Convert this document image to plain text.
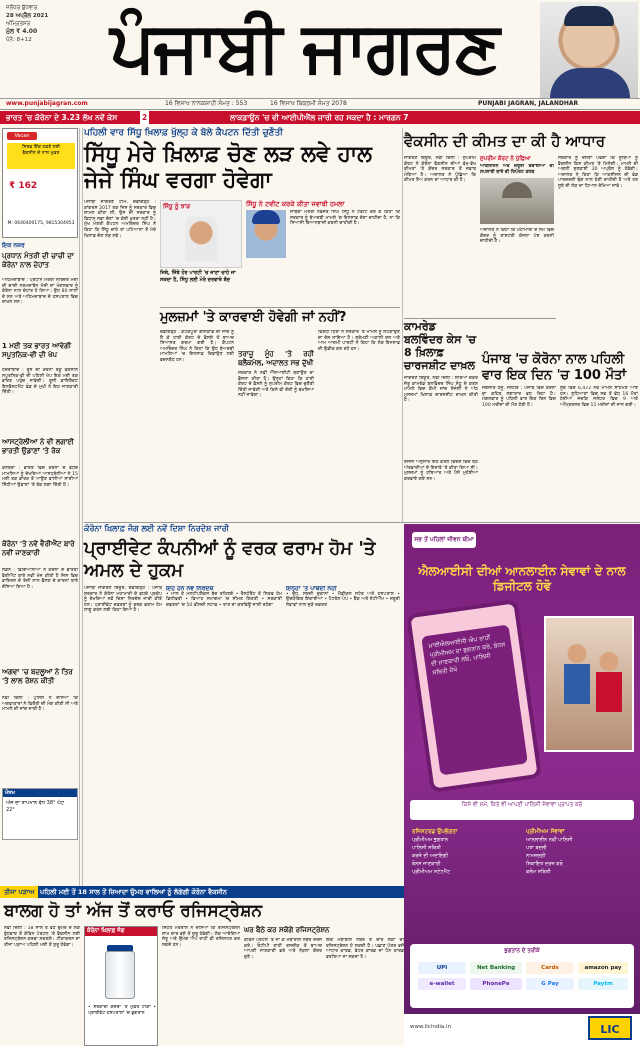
ਜਲੰਧਰ ਬੁੱਧਵਾਰ
28 ਅਪ੍ਰੈਲ 2021
ਅੰਮ੍ਰਿਤਸਰ
ਮੁੱਲ ₹ 4.00
ਪੰਨੇ: 8+12	ਪੰਜਾਬੀ ਜਾਗਰਣ
www.punjabijagran.com	16 ਵਿਸਾਖ ਨਾਨਕਸ਼ਾਹੀ ਸੰਮਤ : 553	16 ਵਿਸਾਖ ਬਿਕ੍ਰਮੀ ਸੰਮਤ 2078	PUNJABI JAGRAN, JALANDHAR
ਭਾਰਤ 'ਚ ਕੋਰੋਨਾ ਦੇ 3.23 ਲੱਖ ਨਵੇਂ ਕੇਸ	2	ਲਾਕਡਾਊਨ 'ਚ ਵੀ ਆਈਪੀਐੱਲ ਜਾਰੀ ਰਹ ਸਕਦਾ ਹੈ : ਮਾਰਗਨ 7
Vecan
ਸਿਰਫ਼ ਇੱਕ ਹਫ਼ਤੇ ਲਈ
ਵੈਕਸੀਨ ਦੇ ਨਾਲ ਮੁਫ਼ਤ
₹ 162
M: 0640400175, 9815304953
ਇਕ ਨਜ਼ਰ
ਪ੍ਰਧਾਨ ਮੰਤਰੀ ਦੀ ਚਾਚੀ ਦਾ ਕੋਰੋਨਾ ਨਾਲ ਦੇਹਾਂਤ
ਅਹਿਮਦਾਬਾਦ : ਪ੍ਰਧਾਨ ਮੰਤਰੀ ਨਰਿੰਦਰ ਮੋਦੀ ਦੀ ਚਾਚੀ ਨਰਮਦਾਬੇਨ ਮੋਦੀ ਦਾ ਮੰਗਲਵਾਰ ਨੂੰ ਕੋਰੋਨਾ ਨਾਲ ਦੇਹਾਂਤ ਹੋ ਗਿਆ। ਉਹ 80 ਸਾਲਾਂ ਦੇ ਸਨ ਅਤੇ ਅਹਿਮਦਾਬਾਦ ਦੇ ਹਸਪਤਾਲ ਵਿਚ ਦਾਖ਼ਲ ਸਨ।
1 ਮਈ ਤਕ ਭਾਰਤ ਆਵੇਗੀ ਸਪੂਤਨਿਕ-ਵੀ ਦੀ ਖੇਪ
ਹੈਦਰਾਬਾਦ : ਰੂਸ ਦੀ ਕੋਰੋਨਾ ਰੋਕੂ ਵੈਕਸੀਨ ਸਪੂਤਨਿਕ-ਵੀ ਦੀ ਪਹਿਲੀ ਖੇਪ ਇਕ ਮਈ ਤਕ ਭਾਰਤ ਪਹੁੰਚ ਜਾਵੇਗੀ। ਰੂਸੀ ਡਾਇਰੈਕਟ ਇਨਵੈਸਟਮੈਂਟ ਫੰਡ ਦੇ ਮੁਖੀ ਨੇ ਇਹ ਜਾਣਕਾਰੀ ਦਿੱਤੀ।
ਆਸਟ੍ਰੇਲੀਆ ਨੇ ਵੀ ਲਗਾਈ ਭਾਰਤੀ ਉਡਾਣਾਂ 'ਤੇ ਰੋਕ
ਕੈਨਬਰਾ : ਭਾਰਤ ਵਿਚ ਕੋਰੋਨਾ ਦੇ ਵਧਦੇ ਮਾਮਲਿਆਂ ਨੂੰ ਦੇਖਦਿਆਂ ਆਸਟ੍ਰੇਲੀਆ ਨੇ 15 ਮਈ ਤਕ ਭਾਰਤ ਤੋਂ ਆਉਣ ਵਾਲੀਆਂ ਸਾਰੀਆਂ ਸਿੱਧੀਆਂ ਉਡਾਣਾਂ 'ਤੇ ਰੋਕ ਲਗਾ ਦਿੱਤੀ ਹੈ।
ਕੋਰੋਨਾ 'ਤੇ ਨਵੇਂ ਵੈਰੀਐਂਟ ਬਾਰੇ ਨਵੀਂ ਜਾਣਕਾਰੀ
ਲੰਡਨ : ਵਿਗਿਆਨੀਆਂ ਨੇ ਕੋਰੋਨਾ ਦੇ ਭਾਰਤੀ ਵੈਰੀਐਂਟ ਬਾਰੇ ਨਵੀਂ ਖੋਜ ਕੀਤੀ ਹੈ ਜਿਸ ਵਿਚ ਵਾਇਰਸ ਦੇ ਤੇਜ਼ੀ ਨਾਲ ਫੈਲਣ ਦੇ ਕਾਰਨਾਂ ਬਾਰੇ ਦੱਸਿਆ ਗਿਆ ਹੈ।
ਅਗਵਾ 'ਚ ਬਦਲੂਆਂ ਨੇ ਤਿਰ 'ਤੇ ਲਾਲ ਰੋਸ਼ਨ ਕੀਤੀ
ਨਵੀਂ ਦਿੱਲੀ : ਪੁਲਿਸ ਨੇ ਦੱਸਿਆ ਕਿ ਅਗਵਾਕਾਰਾਂ ਨੇ ਫਿਰੌਤੀ ਦੀ ਮੰਗ ਕੀਤੀ ਸੀ ਅਤੇ ਮਾਮਲੇ ਦੀ ਜਾਂਚ ਜਾਰੀ ਹੈ।
ਮੌਸਮ
ਅੱਜ ਦਾ ਤਾਪਮਾਨ ਵੱਧ 38° ਘੱਟ 22°
ਪਹਿਲੀ ਵਾਰ ਸਿੱਧੂ ਖ਼ਿਲਾਫ਼ ਖੁੱਲ੍ਹ ਕੇ ਬੋਲੇ ਕੈਪਟਨ ਦਿੱਤੀ ਚੁਣੌਤੀ
ਸਿੱਧੂ ਮੇਰੇ ਖ਼ਿਲਾਫ਼ ਚੋਣ ਲੜ ਲਵੇ ਹਾਲ ਜੇਜੇ ਸਿੰਘ ਵਰਗਾ ਹੋਵੇਗਾ
ਪੰਜਾਬੀ ਜਾਗਰਣ ਟੀਮ, ਚੰਡੀਗੜ੍ਹ : ਕਾਂਗਰਸ 2017 ਤਕ ਜਿਸ ਨੂੰ ਸਰਕਾਰ ਵਿਚ ਸ਼ਾਮਲ ਕੀਤਾ ਸੀ, ਉਸ ਦੀ ਸਰਕਾਰ ਨੂੰ ਵਿਧਾਨ ਸਭਾ ਚੋਣਾਂ 'ਚ ਕੋਈ ਖ਼ਤਰਾ ਨਹੀਂ ਹੈ। ਮੁੱਖ ਮੰਤਰੀ ਕੈਪਟਨ ਅਮਰਿੰਦਰ ਸਿੰਘ ਨੇ ਕਿਹਾ ਕਿ ਸਿੱਧੂ ਚਾਹੇ ਤਾਂ ਪਟਿਆਲਾ ਤੋਂ ਮੇਰੇ ਖ਼ਿਲਾਫ਼ ਚੋਣ ਲੜ ਲਵੇ।
ਸਿੱਧੂ ਨੂੰ ਝਾੜ
ਜਿਥੇ, ਜਿੱਥੇ ਹੋਰ ਪਾਰਟੀ 'ਚ ਜਾਣਾ ਚਾਹੇ ਜਾ ਸਕਦਾ ਹੈ, ਸਿੱਧੂ ਲਈ ਮੇਰੇ ਦਰਵਾਜ਼ੇ ਬੰਦ
ਸਿੱਧੂ ਨੇ ਟਵੀਟ ਕਰਕੇ ਕੀਤਾ ਜਵਾਬੀ ਹਮਲਾ
ਸਾਬਕਾ ਮੰਤਰੀ ਨਵਜੋਤ ਸਿੰਘ ਸਿੱਧੂ ਨੇ ਟਵੀਟ ਕਰ ਕੇ ਕਿਹਾ ਕਿ ਸਰਕਾਰ ਨੂੰ ਬੇਅਦਬੀ ਮਾਮਲੇ 'ਚ ਇਨਸਾਫ਼ ਦੇਣਾ ਚਾਹੀਦਾ ਹੈ, ਨਾ ਕਿ ਸਿਆਸੀ ਬਿਆਨਬਾਜ਼ੀ ਕਰਨੀ ਚਾਹੀਦੀ ਹੈ।
ਮੁਲਜ਼ਮਾਂ 'ਤੇ ਕਾਰਵਾਈ ਹੋਵੇਗੀ ਜਾਂ ਨਹੀਂ?
ਚੰਡੀਗੜ੍ਹ : ਕੋਟਕਪੂਰਾ ਗੋਲੀਕਾਂਡ ਦੀ ਜਾਂਚ ਨੂੰ ਲੈ ਕੇ ਹਾਈ ਕੋਰਟ ਦੇ ਫ਼ੈਸਲੇ ਤੋਂ ਬਾਅਦ ਸਿਆਸਤ ਗਰਮਾ ਗਈ ਹੈ। ਕੈਪਟਨ ਅਮਰਿੰਦਰ ਸਿੰਘ ਨੇ ਕਿਹਾ ਕਿ ਉਹ ਬੇਅਦਬੀ ਮਾਮਲਿਆਂ 'ਚ ਇਨਸਾਫ਼ ਦਿਵਾਉਣ ਲਈ ਵਚਨਬੱਧ ਹਨ।
ਤਰਾਜ਼ੂ ਮੂੰਹ 'ਤੇ ਰਹੀ ਬਲੈਕਮੇਲ, ਅਦਾਲਤ ਸਭ ਦੁੱਖੀ
ਸਰਕਾਰ ਨੇ ਨਵੀਂ ਐੱਸਆਈਟੀ ਬਣਾਉਣ ਦਾ ਫ਼ੈਸਲਾ ਕੀਤਾ ਹੈ। ਉਨ੍ਹਾਂ ਕਿਹਾ ਕਿ ਹਾਈ ਕੋਰਟ ਦੇ ਫ਼ੈਸਲੇ ਨੂੰ ਸੁਪਰੀਮ ਕੋਰਟ ਵਿਚ ਚੁਣੌਤੀ ਦਿੱਤੀ ਜਾਵੇਗੀ ਅਤੇ ਕਿਸੇ ਵੀ ਦੋਸ਼ੀ ਨੂੰ ਬਖ਼ਸ਼ਿਆ ਨਹੀਂ ਜਾਵੇਗਾ।
ਵਿਰੋਧੀ ਧਿਰਾਂ ਨੇ ਸਰਕਾਰ 'ਤੇ ਮਾਮਲੇ ਨੂੰ ਲਟਕਾਉਣ ਦਾ ਦੋਸ਼ ਲਾਇਆ ਹੈ। ਸ਼੍ਰੋਮਣੀ ਅਕਾਲੀ ਦਲ ਅਤੇ ਆਮ ਆਦਮੀ ਪਾਰਟੀ ਨੇ ਕਿਹਾ ਕਿ ਲੋਕ ਇਨਸਾਫ਼ ਦੀ ਉਡੀਕ ਕਰ ਰਹੇ ਹਨ।
ਵੈਕਸੀਨ ਦੀ ਕੀਮਤ ਦਾ ਕੀ ਹੈ ਆਧਾਰ
ਜਾਗਰਣ ਬਿਊਰੋ, ਨਵੀਂ ਦਿੱਲੀ : ਸੁਪਰੀਮ ਕੋਰਟ ਨੇ ਕੋਰੋਨਾ ਵੈਕਸੀਨ ਦੀਆਂ ਵੱਖ-ਵੱਖ ਕੀਮਤਾਂ 'ਤੇ ਕੇਂਦਰ ਸਰਕਾਰ ਤੋਂ ਜਵਾਬ ਮੰਗਿਆ ਹੈ। ਅਦਾਲਤ ਨੇ ਪੁੱਛਿਆ ਕਿ ਕੀਮਤ ਤੈਅ ਕਰਨ ਦਾ ਆਧਾਰ ਕੀ ਹੈ।
ਸੁਪਰੀਮ ਕੋਰਟ ਨੇ ਪੁੱਛਿਆ
ਆਕਸੀਜਨ ਅਤੇ ਜ਼ਰੂਰੀ ਦਵਾਈਆਂ ਦੀ ਸਪਲਾਈ ਬਾਰੇ ਵੀ ਰਿਪੋਰਟ ਤਲਬ
ਅਦਾਲਤ ਨੇ ਕਿਹਾ ਕਿ ਮਹਾਮਾਰੀ ਦੇ ਸਮੇਂ ਵਿਚ ਕੇਂਦਰ ਨੂੰ ਰਾਸ਼ਟਰੀ ਯੋਜਨਾ ਪੇਸ਼ ਕਰਨੀ ਚਾਹੀਦੀ ਹੈ।
ਸਰਕਾਰ ਨੂੰ ਦੱਸਣਾ ਪਵੇਗਾ ਕਿ ਸੂਬਿਆਂ ਨੂੰ ਵੈਕਸੀਨ ਕਿਸ ਕੀਮਤ 'ਤੇ ਮਿਲੇਗੀ। ਮਾਮਲੇ ਦੀ ਅਗਲੀ ਸੁਣਵਾਈ 30 ਅਪ੍ਰੈਲ ਨੂੰ ਹੋਵੇਗੀ। ਅਦਾਲਤ ਨੇ ਕਿਹਾ ਕਿ ਆਕਸੀਜਨ ਦੀ ਵੰਡ ਪਾਰਦਰਸ਼ੀ ਢੰਗ ਨਾਲ ਹੋਣੀ ਚਾਹੀਦੀ ਹੈ ਅਤੇ ਹਰ ਸੂਬੇ ਦੀ ਲੋੜ ਦਾ ਧਿਆਨ ਰੱਖਿਆ ਜਾਵੇ।
ਕਾਮਰੇਡ ਬਲਵਿੰਦਰ ਕੇਸ 'ਚ 8 ਖ਼ਿਲਾਫ਼ ਚਾਰਜਸ਼ੀਟ ਦਾਖ਼ਲ
ਜਾਗਰਣ ਬਿਊਰੋ, ਨਵੀਂ ਦਿੱਲੀ : ਸ਼ੌਰਿਆ ਚੱਕਰ ਜੇਤੂ ਕਾਮਰੇਡ ਬਲਵਿੰਦਰ ਸਿੰਘ ਸੰਧੂ ਦੇ ਕਤਲ ਮਾਮਲੇ ਵਿਚ ਕੌਮੀ ਜਾਂਚ ਏਜੰਸੀ ਨੇ ਅੱਠ ਮੁਲਜ਼ਮਾਂ ਖ਼ਿਲਾਫ਼ ਚਾਰਜਸ਼ੀਟ ਦਾਖ਼ਲ ਕੀਤੀ ਹੈ।
ਪੰਜਾਬ 'ਚ ਕੋਰੋਨਾ ਨਾਲ ਪਹਿਲੀ ਵਾਰ ਇਕ ਦਿਨ 'ਚ 100 ਮੌਤਾਂ
ਜਗਜੀਤ ਧੰਜੂ, ਜਲੰਧਰ : ਪੰਜਾਬ ਵਿਚ ਕੋਰੋਨਾ ਦਾ ਕਹਿਰ ਲਗਾਤਾਰ ਵਧ ਰਿਹਾ ਹੈ। ਮੰਗਲਵਾਰ ਨੂੰ ਪਹਿਲੀ ਵਾਰ ਇਕ ਦਿਨ ਵਿਚ 100 ਮਰੀਜ਼ਾਂ ਦੀ ਮੌਤ ਹੋਈ ਹੈ।
ਸੂਬੇ ਵਿਚ 6,472 ਨਵੇਂ ਮਾਮਲੇ ਸਾਹਮਣੇ ਆਏ ਹਨ। ਲੁਧਿਆਣਾ ਵਿਚ ਸਭ ਤੋਂ ਵੱਧ 16 ਮੌਤਾਂ ਹੋਈਆਂ ਜਦਕਿ ਜਲੰਧਰ ਵਿਚ 9 ਅਤੇ ਅੰਮ੍ਰਿਤਸਰ ਵਿਚ 11 ਮਰੀਜ਼ਾਂ ਦੀ ਜਾਨ ਗਈ।
ਏਜੰਸੀ ਅਨੁਸਾਰ ਇਹ ਕਤਲ ਵਿਦੇਸ਼ ਵਿਚ ਬੈਠੇ ਅੱਤਵਾਦੀਆਂ ਦੇ ਇਸ਼ਾਰੇ 'ਤੇ ਕੀਤਾ ਗਿਆ ਸੀ। ਮੁਲਜ਼ਮਾਂ ਨੂੰ ਹਥਿਆਰ ਅਤੇ ਪੈਸੇ ਮੁਹੱਈਆ ਕਰਵਾਏ ਗਏ ਸਨ।
ਕੋਰੋਨਾ ਖ਼ਿਲਾਫ਼ ਜੰਗ ਲਈ ਨਵੇਂ ਦਿਸ਼ਾ ਨਿਰਦੇਸ਼ ਜਾਰੀ
ਪ੍ਰਾਈਵੇਟ ਕੰਪਨੀਆਂ ਨੂੰ ਵਰਕ ਫਰਾਮ ਹੋਮ 'ਤੇ ਅਮਲ ਦੇ ਹੁਕਮ
ਪੰਜਾਬੀ ਜਾਗਰਣ ਬਿਊਰੋ, ਚੰਡੀਗੜ੍ਹ : ਪੰਜਾਬ ਸਰਕਾਰ ਨੇ ਕੋਰੋਨਾ ਮਹਾਮਾਰੀ ਦੇ ਵਧਦੇ ਪ੍ਰਕੋਪ ਨੂੰ ਦੇਖਦਿਆਂ ਨਵੇਂ ਦਿਸ਼ਾ ਨਿਰਦੇਸ਼ ਜਾਰੀ ਕੀਤੇ ਹਨ। ਪ੍ਰਾਈਵੇਟ ਦਫ਼ਤਰਾਂ ਨੂੰ ਵਰਕ ਫਰਾਮ ਹੋਮ ਲਾਗੂ ਕਰਨ ਲਈ ਕਿਹਾ ਗਿਆ ਹੈ।
ਇਹ ਹਨ ਨਵੇਂ ਨਿਰਦੇਸ਼
• ਮਾਲ ਤੇ ਮਲਟੀਪਲੈਕਸ ਬੰਦ ਰਹਿਣਗੇ • ਰੈਸਟੋਰੈਂਟ ਤੋਂ ਸਿਰਫ਼ ਹੋਮ ਡਿਲੀਵਰੀ • ਵਿਆਹ ਸਮਾਗਮਾਂ 'ਚ ਸੀਮਤ ਗਿਣਤੀ • ਸਰਕਾਰੀ ਦਫ਼ਤਰਾਂ 'ਚ 50 ਫ਼ੀਸਦੀ ਸਟਾਫ਼ • ਰਾਤ ਦਾ ਕਰਫਿਊ ਜਾਰੀ ਰਹੇਗਾ
ਇਨ੍ਹਾਂ 'ਤੇ ਪਾਬੰਦੀ ਨਹੀਂ
• ਦੁੱਧ, ਸਬਜ਼ੀ ਦੁਕਾਨਾਂ • ਮੈਡੀਕਲ ਸਟੋਰ ਅਤੇ ਹਸਪਤਾਲ • ਉਦਯੋਗਿਕ ਇਕਾਈਆਂ • ਪੈਟਰੋਲ ਪੰਪ • ਬੈਂਕ ਅਤੇ ਏਟੀਐੱਮ • ਜ਼ਰੂਰੀ ਸੇਵਾਵਾਂ ਨਾਲ ਜੁੜੇ ਦਫ਼ਤਰ
ਸਭ ਤੋਂ ਪਹਿਲਾਂ ਜੀਵਨ ਬੀਮਾ
ਐਲਆਈਸੀ ਦੀਆਂ ਆਨਲਾਈਨ ਸੇਵਾਵਾਂ ਦੇ ਨਾਲ ਡਿਜੀਟਲ ਹੋਵੋ
ਮਾਈਐਲਆਈਸੀ ਐਪ ਰਾਹੀਂ ਪ੍ਰੀਮੀਅਮ ਦਾ ਭੁਗਤਾਨ ਕਰੋ, ਬੋਨਸ ਦੀ ਜਾਣਕਾਰੀ ਲਓ, ਪਾਲਿਸੀ ਸਥਿਤੀ ਦੇਖੋ
ਕਿਸੇ ਵੀ ਸਮੇਂ, ਕਿਤੇ ਵੀ ਆਪਣੀ ਪਾਲਿਸੀ ਸੇਵਾਵਾਂ ਪ੍ਰਾਪਤ ਕਰੋ
ਰਜਿਸਟਰਡ ਉਪਭੋਗਤਾ
ਪ੍ਰੀਮੀਅਮ ਭੁਗਤਾਨ
ਪਾਲਿਸੀ ਸਥਿਤੀ
ਕਰਜ਼ੇ ਦੀ ਅਦਾਇਗੀ
ਬੋਨਸ ਜਾਣਕਾਰੀ
ਪ੍ਰੀਮੀਅਮ ਸਟੇਟਮੈਂਟ
ਪ੍ਰੀਮੀਅਮ ਸੇਵਾਵਾਂ
ਆਨਲਾਈਨ ਨਵੀਂ ਪਾਲਿਸੀ
ਪਤਾ ਬਦਲੀ
ਨਾਮਜ਼ਦਗੀ
ਸ਼ਿਕਾਇਤ ਦਰਜ ਕਰੋ
ਕਲੇਮ ਸਥਿਤੀ
ਭੁਗਤਾਨ ਦੇ ਤਰੀਕੇ
UPI	Net Banking	Cards	amazon pay
e-wallet	PhonePe	G Pay	Paytm
www.licindia.in	LIC
ਤੀਜਾ ਪੜਾਅ ਪਹਿਲੀ ਮਈ ਤੋਂ 18 ਸਾਲ ਤੋਂ ਜ਼ਿਆਦਾ ਉਮਰ ਵਾਲਿਆਂ ਨੂੰ ਲੱਗੇਗੀ ਕੋਰੋਨਾ ਵੈਕਸੀਨ
ਬਾਲਗ ਹੋ ਤਾਂ ਅੱਜ ਤੋਂ ਕਰਾਓ ਰਜਿਸਟ੍ਰੇਸ਼ਨ
ਨਵੀਂ ਦਿੱਲੀ : 18 ਸਾਲ ਤੋਂ ਵੱਧ ਉਮਰ ਦੇ ਲੋਕ ਬੁੱਧਵਾਰ ਤੋਂ ਕੋਵਿਨ ਪੋਰਟਲ 'ਤੇ ਵੈਕਸੀਨ ਲਈ ਰਜਿਸਟ੍ਰੇਸ਼ਨ ਕਰਵਾ ਸਕਣਗੇ। ਟੀਕਾਕਰਨ ਦਾ ਤੀਜਾ ਪੜਾਅ ਪਹਿਲੀ ਮਈ ਤੋਂ ਸ਼ੁਰੂ ਹੋਵੇਗਾ।
ਕੋਰੋਨਾ ਖ਼ਿਲਾਫ਼ ਜੰਗ
• ਸਰਕਾਰੀ ਕੇਂਦਰਾਂ 'ਤੇ ਮੁਫ਼ਤ ਟੀਕਾ • ਪ੍ਰਾਈਵੇਟ ਹਸਪਤਾਲਾਂ 'ਚ ਭੁਗਤਾਨ
ਸਿਹਤ ਮੰਤਰਾਲੇ ਨੇ ਦੱਸਿਆ ਕਿ ਰਜਿਸਟ੍ਰੇਸ਼ਨ ਸ਼ਾਮ ਚਾਰ ਵਜੇ ਤੋਂ ਸ਼ੁਰੂ ਹੋਵੇਗੀ। ਲੋਕ ਆਰੋਗਿਆ ਸੇਤੂ ਅਤੇ ਉਮੰਗ ਐਪ ਰਾਹੀਂ ਵੀ ਰਜਿਸਟਰ ਕਰ ਸਕਦੇ ਹਨ।
ਘਰ ਬੈਠੇ ਕਰ ਸਕੋਗੇ ਰਜਿਸਟ੍ਰੇਸ਼ਨ
ਕੋਵਿਨ ਪੋਰਟਲ 'ਤੇ ਜਾ ਕੇ ਮੋਬਾਈਲ ਨੰਬਰ ਦਰਜ ਕਰੋ। ਓਟੀਪੀ ਰਾਹੀਂ ਤਸਦੀਕ ਤੋਂ ਬਾਅਦ ਆਪਣੀ ਜਾਣਕਾਰੀ ਭਰੋ ਅਤੇ ਨੇੜਲਾ ਕੇਂਦਰ ਚੁਣੋ।
ਇਕ ਮੋਬਾਈਲ ਨੰਬਰ ਤੋਂ ਚਾਰ ਲੋਕਾਂ ਦੀ ਰਜਿਸਟ੍ਰੇਸ਼ਨ ਹੋ ਸਕਦੀ ਹੈ। ਪਛਾਣ ਪੱਤਰ ਵਜੋਂ ਆਧਾਰ ਕਾਰਡ, ਵੋਟਰ ਕਾਰਡ ਜਾਂ ਪੈਨ ਕਾਰਡ ਵਰਤਿਆ ਜਾ ਸਕਦਾ ਹੈ।
